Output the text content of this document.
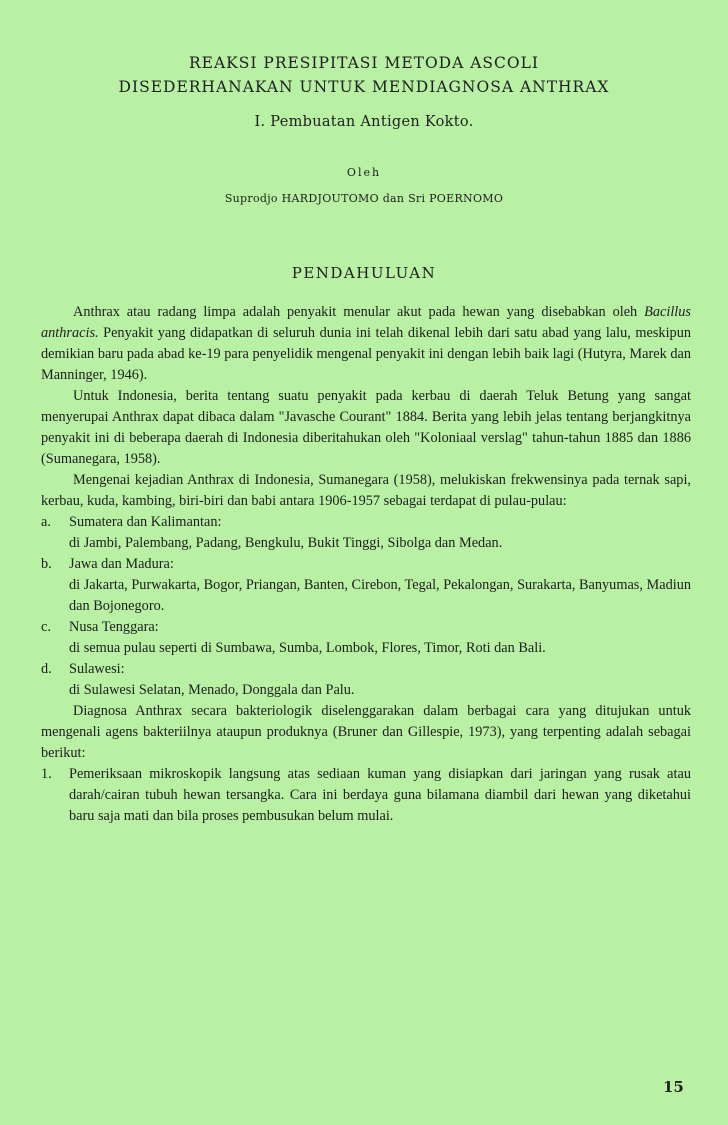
REAKSI PRESIPITASI METODA ASCOLI
DISEDERHANAKAN UNTUK MENDIAGNOSA ANTHRAX
I. Pembuatan Antigen Kokto.
Oleh
Suprodjo HARDJOUTOMO dan Sri POERNOMO
PENDAHULUAN

Anthrax atau radang limpa adalah penyakit menular akut pada hewan yang disebabkan oleh Bacillus anthracis. Penyakit yang didapatkan di seluruh dunia ini telah dikenal lebih dari satu abad yang lalu, meskipun demikian baru pada abad ke-19 para penyelidik mengenal penyakit ini dengan lebih baik lagi (Hutyra, Marek dan Manninger, 1946).

Untuk Indonesia, berita tentang suatu penyakit pada kerbau di daerah Teluk Betung yang sangat menyerupai Anthrax dapat dibaca dalam "Javasche Courant" 1884. Berita yang lebih jelas tentang berjangkitnya penyakit ini di beberapa daerah di Indonesia diberitahukan oleh "Koloniaal verslag" tahun-tahun 1885 dan 1886 (Sumanegara, 1958).

Mengenai kejadian Anthrax di Indonesia, Sumanegara (1958), melukiskan frekwensinya pada ternak sapi, kerbau, kuda, kambing, biri-biri dan babi antara 1906-1957 sebagai terdapat di pulau-pulau:

a.	Sumatera dan Kalimantan:
di Jambi, Palembang, Padang, Bengkulu, Bukit Tinggi, Sibolga dan Medan.
b.	Jawa dan Madura:
di Jakarta, Purwakarta, Bogor, Priangan, Banten, Cirebon, Tegal, Pekalongan, Surakarta, Banyumas, Madiun dan Bojonegoro.
c.	Nusa Tenggara:
di semua pulau seperti di Sumbawa, Sumba, Lombok, Flores, Timor, Roti dan Bali.
d.	Sulawesi:
di Sulawesi Selatan, Menado, Donggala dan Palu.

Diagnosa Anthrax secara bakteriologik diselenggarakan dalam berbagai cara yang ditujukan untuk mengenali agens bakteriilnya ataupun produknya (Bruner dan Gillespie, 1973), yang terpenting adalah sebagai berikut:

1.	Pemeriksaan mikroskopik langsung atas sediaan kuman yang disiapkan dari jaringan yang rusak atau darah/cairan tubuh hewan tersangka. Cara ini berdaya guna bilamana diambil dari hewan yang diketahui baru saja mati dan bila proses pembusukan belum mulai.
15
